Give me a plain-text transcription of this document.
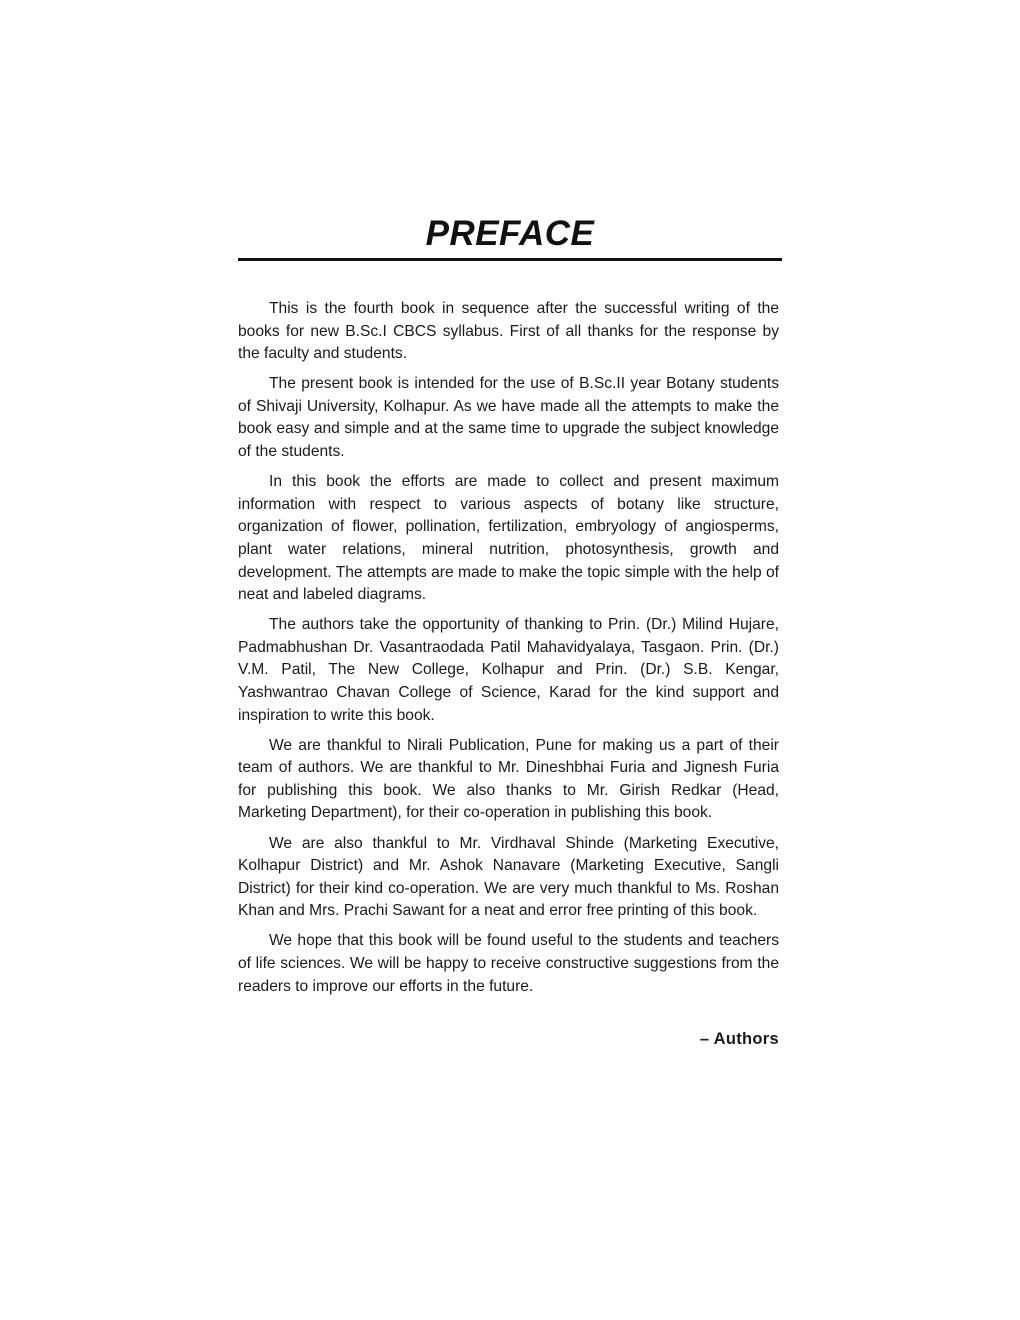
PREFACE

This is the fourth book in sequence after the successful writing of the books for new B.Sc.I CBCS syllabus. First of all thanks for the response by the faculty and students.

The present book is intended for the use of B.Sc.II year Botany students of Shivaji University, Kolhapur. As we have made all the attempts to make the book easy and simple and at the same time to upgrade the subject knowledge of the students.

In this book the efforts are made to collect and present maximum information with respect to various aspects of botany like structure, organization of flower, pollination, fertilization, embryology of angiosperms, plant water relations, mineral nutrition, photosynthesis, growth and development. The attempts are made to make the topic simple with the help of neat and labeled diagrams.

The authors take the opportunity of thanking to Prin. (Dr.) Milind Hujare, Padmabhushan Dr. Vasantraodada Patil Mahavidyalaya, Tasgaon. Prin. (Dr.) V.M. Patil, The New College, Kolhapur and Prin. (Dr.) S.B. Kengar, Yashwantrao Chavan College of Science, Karad for the kind support and inspiration to write this book.

We are thankful to Nirali Publication, Pune for making us a part of their team of authors. We are thankful to Mr. Dineshbhai Furia and Jignesh Furia for publishing this book. We also thanks to Mr. Girish Redkar (Head, Marketing Department), for their co-operation in publishing this book.

We are also thankful to Mr. Virdhaval Shinde (Marketing Executive, Kolhapur District) and Mr. Ashok Nanavare (Marketing Executive, Sangli District) for their kind co-operation. We are very much thankful to Ms. Roshan Khan and Mrs. Prachi Sawant for a neat and error free printing of this book.

We hope that this book will be found useful to the students and teachers of life sciences. We will be happy to receive constructive suggestions from the readers to improve our efforts in the future.

– Authors
